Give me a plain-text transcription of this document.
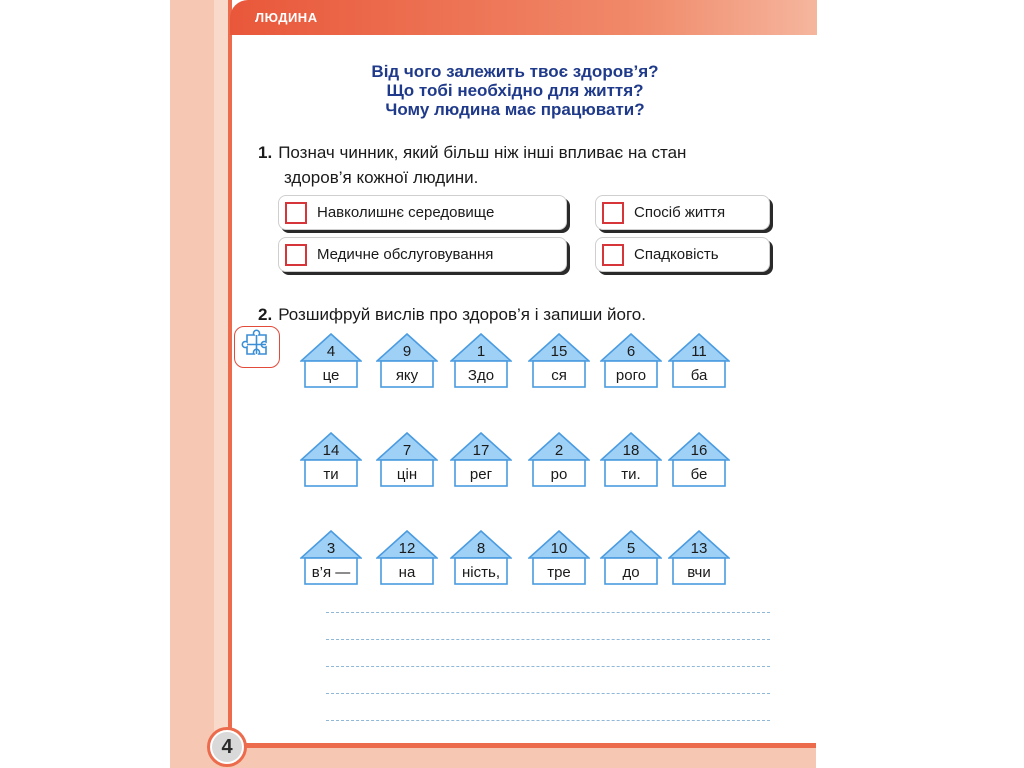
ЛЮДИНА
Від чого залежить твоє здоров’я?
Що тобі необхідно для життя?
Чому людина має працювати?
1. Познач чинник, який більш ніж інші впливає на стан
здоров’я кожної людини.
Навколишнє середовище	Спосіб життя
Медичне обслуговування	Спадковість
2. Розшифруй вислів про здоров’я і запиши його.
4
це
9
яку
1
Здо
15
ся
6
рого
11
ба
14
ти
7
цін
17
рег
2
ро
18
ти.
16
бе
3
в’я —
12
на
8
ність,
10
тре
5
до
13
вчи
4
